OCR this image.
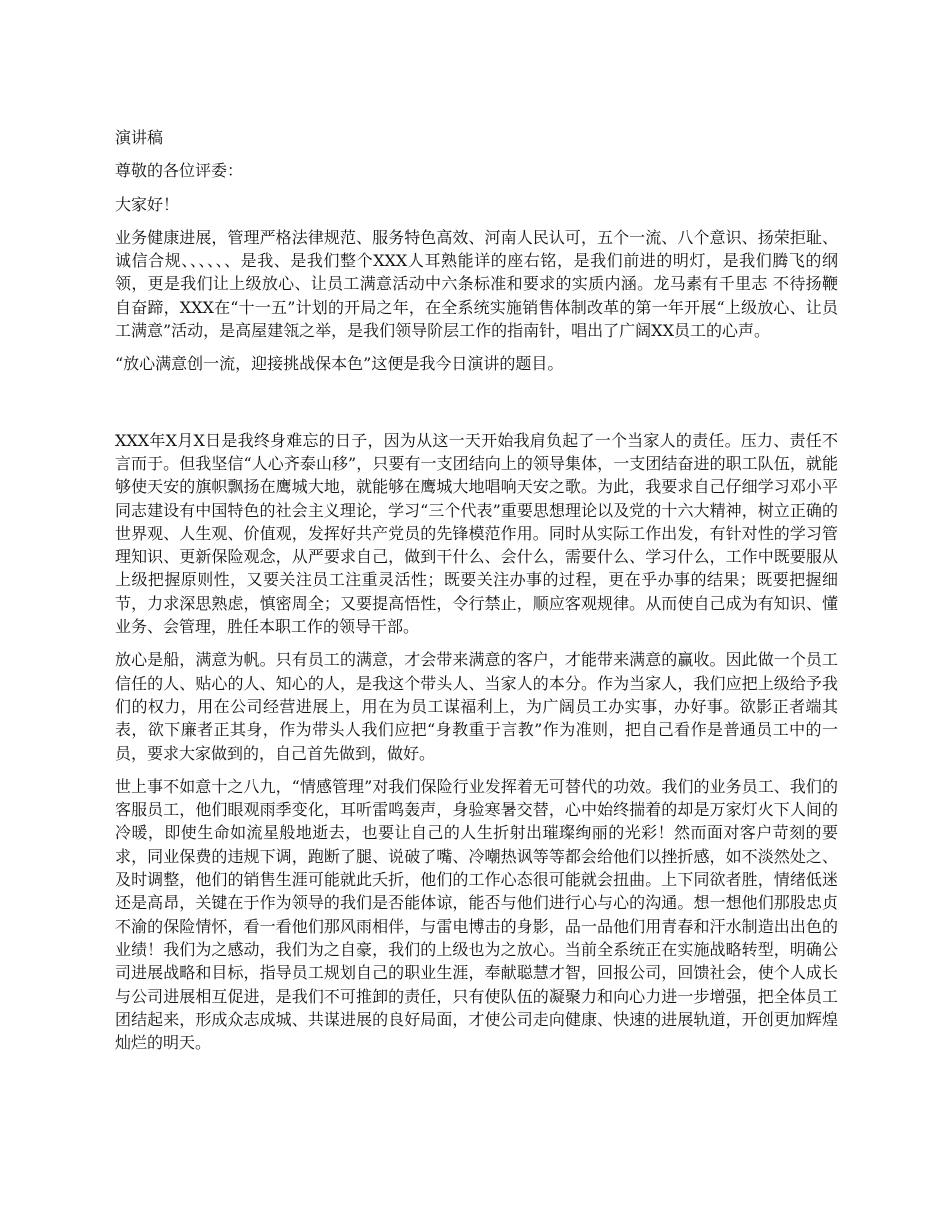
演讲稿

尊敬的各位评委：

大家好！

业务健康进展，管理严格法律规范、服务特色高效、河南人民认可，五个一流、八个意识、扬荣拒耻、诚信合规、、、、、、是我、是我们整个XXX人耳熟能详的座右铭，是我们前进的明灯，是我们腾飞的纲领，更是我们让上级放心、让员工满意活动中六条标准和要求的实质内涵。龙马素有千里志 不待扬鞭自奋蹄，XXX在“十一五”计划的开局之年，在全系统实施销售体制改革的第一年开展“上级放心、让员工满意”活动，是高屋建瓴之举，是我们领导阶层工作的指南针，唱出了广阔XX员工的心声。

“放心满意创一流，迎接挑战保本色”这便是我今日演讲的题目。

XXX年X月X日是我终身难忘的日子，因为从这一天开始我肩负起了一个当家人的责任。压力、责任不言而于。但我坚信“人心齐泰山移”，只要有一支团结向上的领导集体，一支团结奋进的职工队伍，就能够使天安的旗帜飘扬在鹰城大地，就能够在鹰城大地唱响天安之歌。为此，我要求自己仔细学习邓小平同志建设有中国特色的社会主义理论，学习“三个代表”重要思想理论以及党的十六大精神，树立正确的世界观、人生观、价值观，发挥好共产党员的先锋模范作用。同时从实际工作出发，有针对性的学习管理知识、更新保险观念，从严要求自己，做到干什么、会什么，需要什么、学习什么，工作中既要服从上级把握原则性，又要关注员工注重灵活性；既要关注办事的过程，更在乎办事的结果；既要把握细节，力求深思熟虑，慎密周全；又要提高悟性，令行禁止，顺应客观规律。从而使自己成为有知识、懂业务、会管理，胜任本职工作的领导干部。

放心是船，满意为帆。只有员工的满意，才会带来满意的客户，才能带来满意的赢收。因此做一个员工信任的人、贴心的人、知心的人，是我这个带头人、当家人的本分。作为当家人，我们应把上级给予我们的权力，用在公司经营进展上，用在为员工谋福利上，为广阔员工办实事，办好事。欲影正者端其表，欲下廉者正其身，作为带头人我们应把“身教重于言教”作为准则，把自己看作是普通员工中的一员，要求大家做到的，自己首先做到，做好。

世上事不如意十之八九，“情感管理”对我们保险行业发挥着无可替代的功效。我们的业务员工、我们的客服员工，他们眼观雨季变化，耳听雷鸣轰声，身验寒暑交替，心中始终揣着的却是万家灯火下人间的冷暖，即使生命如流星般地逝去，也要让自己的人生折射出璀璨绚丽的光彩！然而面对客户苛刻的要求，同业保费的违规下调，跑断了腿、说破了嘴、冷嘲热讽等等都会给他们以挫折感，如不淡然处之、及时调整，他们的销售生涯可能就此夭折，他们的工作心态很可能就会扭曲。上下同欲者胜，情绪低迷还是高昂，关键在于作为领导的我们是否能体谅，能否与他们进行心与心的沟通。想一想他们那股忠贞不渝的保险情怀，看一看他们那风雨相伴，与雷电博击的身影，品一品他们用青春和汗水制造出出色的业绩！我们为之感动，我们为之自豪，我们的上级也为之放心。当前全系统正在实施战略转型，明确公司进展战略和目标，指导员工规划自己的职业生涯，奉献聪慧才智，回报公司，回馈社会，使个人成长与公司进展相互促进，是我们不可推卸的责任，只有使队伍的凝聚力和向心力进一步增强，把全体员工团结起来，形成众志成城、共谋进展的良好局面，才使公司走向健康、快速的进展轨道，开创更加辉煌灿烂的明天。
